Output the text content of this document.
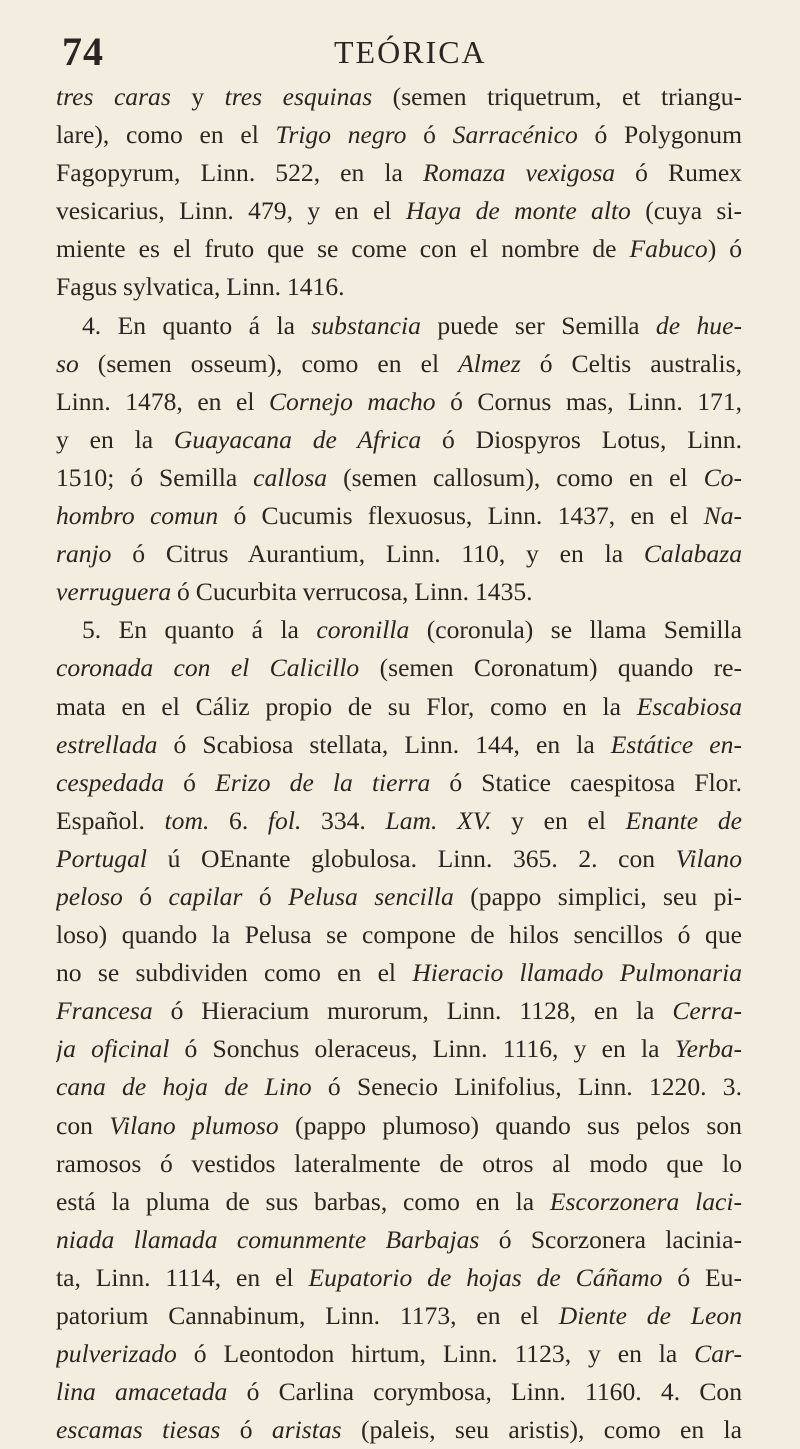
74	TEÓRICA
tres caras y tres esquinas (semen triquetrum, et triangu-
lare), como en el Trigo negro ó Sarracénico ó Polygonum
Fagopyrum, Linn. 522, en la Romaza vexigosa ó Rumex
vesicarius, Linn. 479, y en el Haya de monte alto (cuya si-
miente es el fruto que se come con el nombre de Fabuco) ó
Fagus sylvatica, Linn. 1416.
4. En quanto á la substancia puede ser Semilla de hue-
so (semen osseum), como en el Almez ó Celtis australis,
Linn. 1478, en el Cornejo macho ó Cornus mas, Linn. 171,
y en la Guayacana de Africa ó Diospyros Lotus, Linn.
1510; ó Semilla callosa (semen callosum), como en el Co-
hombro comun ó Cucumis flexuosus, Linn. 1437, en el Na-
ranjo ó Citrus Aurantium, Linn. 110, y en la Calabaza
verruguera ó Cucurbita verrucosa, Linn. 1435.
5. En quanto á la coronilla (coronula) se llama Semilla
coronada con el Calicillo (semen Coronatum) quando re-
mata en el Cáliz propio de su Flor, como en la Escabiosa
estrellada ó Scabiosa stellata, Linn. 144, en la Estátice en-
cespedada ó Erizo de la tierra ó Statice caespitosa Flor.
Español. tom. 6. fol. 334. Lam. XV. y en el Enante de
Portugal ú OEnante globulosa. Linn. 365. 2. con Vilano
peloso ó capilar ó Pelusa sencilla (pappo simplici, seu pi-
loso) quando la Pelusa se compone de hilos sencillos ó que
no se subdividen como en el Hieracio llamado Pulmonaria
Francesa ó Hieracium murorum, Linn. 1128, en la Cerra-
ja oficinal ó Sonchus oleraceus, Linn. 1116, y en la Yerba-
cana de hoja de Lino ó Senecio Linifolius, Linn. 1220. 3.
con Vilano plumoso (pappo plumoso) quando sus pelos son
ramosos ó vestidos lateralmente de otros al modo que lo
está la pluma de sus barbas, como en la Escorzonera laci-
niada llamada comunmente Barbajas ó Scorzonera lacinia-
ta, Linn. 1114, en el Eupatorio de hojas de Cáñamo ó Eu-
patorium Cannabinum, Linn. 1173, en el Diente de Leon
pulverizado ó Leontodon hirtum, Linn. 1123, y en la Car-
lina amacetada ó Carlina corymbosa, Linn. 1160. 4. Con
escamas tiesas ó aristas (paleis, seu aristis), como en la
